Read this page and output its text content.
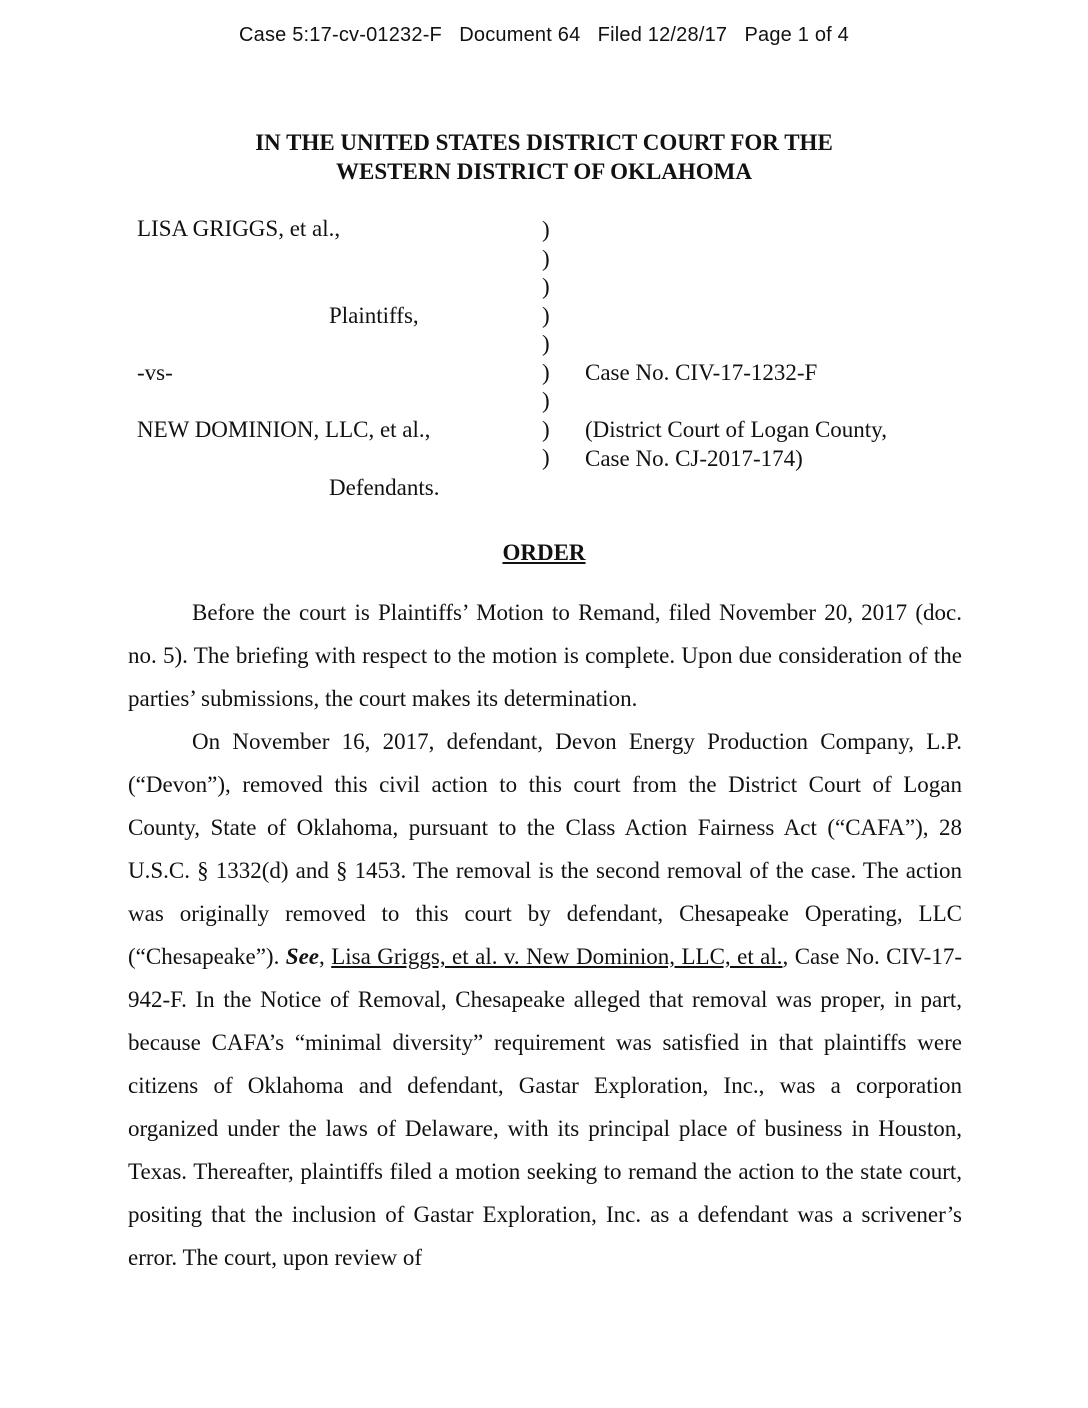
Case 5:17-cv-01232-F   Document 64   Filed 12/28/17   Page 1 of 4
IN THE UNITED STATES DISTRICT COURT FOR THE
WESTERN DISTRICT OF OKLAHOMA
LISA GRIGGS, et al.,
Plaintiffs,
-vs-
NEW DOMINION, LLC, et al.,
Defendants.
)
)
)
)
)
)
)
)
)
Case No. CIV-17-1232-F
(District Court of Logan County,
Case No. CJ-2017-174)
ORDER

Before the court is Plaintiffs’ Motion to Remand, filed November 20, 2017 (doc. no. 5). The briefing with respect to the motion is complete. Upon due consideration of the parties’ submissions, the court makes its determination.

On November 16, 2017, defendant, Devon Energy Production Company, L.P. (“Devon”), removed this civil action to this court from the District Court of Logan County, State of Oklahoma, pursuant to the Class Action Fairness Act (“CAFA”), 28 U.S.C. § 1332(d) and § 1453. The removal is the second removal of the case. The action was originally removed to this court by defendant, Chesapeake Operating, LLC (“Chesapeake”). See, Lisa Griggs, et al. v. New Dominion, LLC, et al., Case No. CIV-17-942-F. In the Notice of Removal, Chesapeake alleged that removal was proper, in part, because CAFA’s “minimal diversity” requirement was satisfied in that plaintiffs were citizens of Oklahoma and defendant, Gastar Exploration, Inc., was a corporation organized under the laws of Delaware, with its principal place of business in Houston, Texas. Thereafter, plaintiffs filed a motion seeking to remand the action to the state court, positing that the inclusion of Gastar Exploration, Inc. as a defendant was a scrivener’s error. The court, upon review of
